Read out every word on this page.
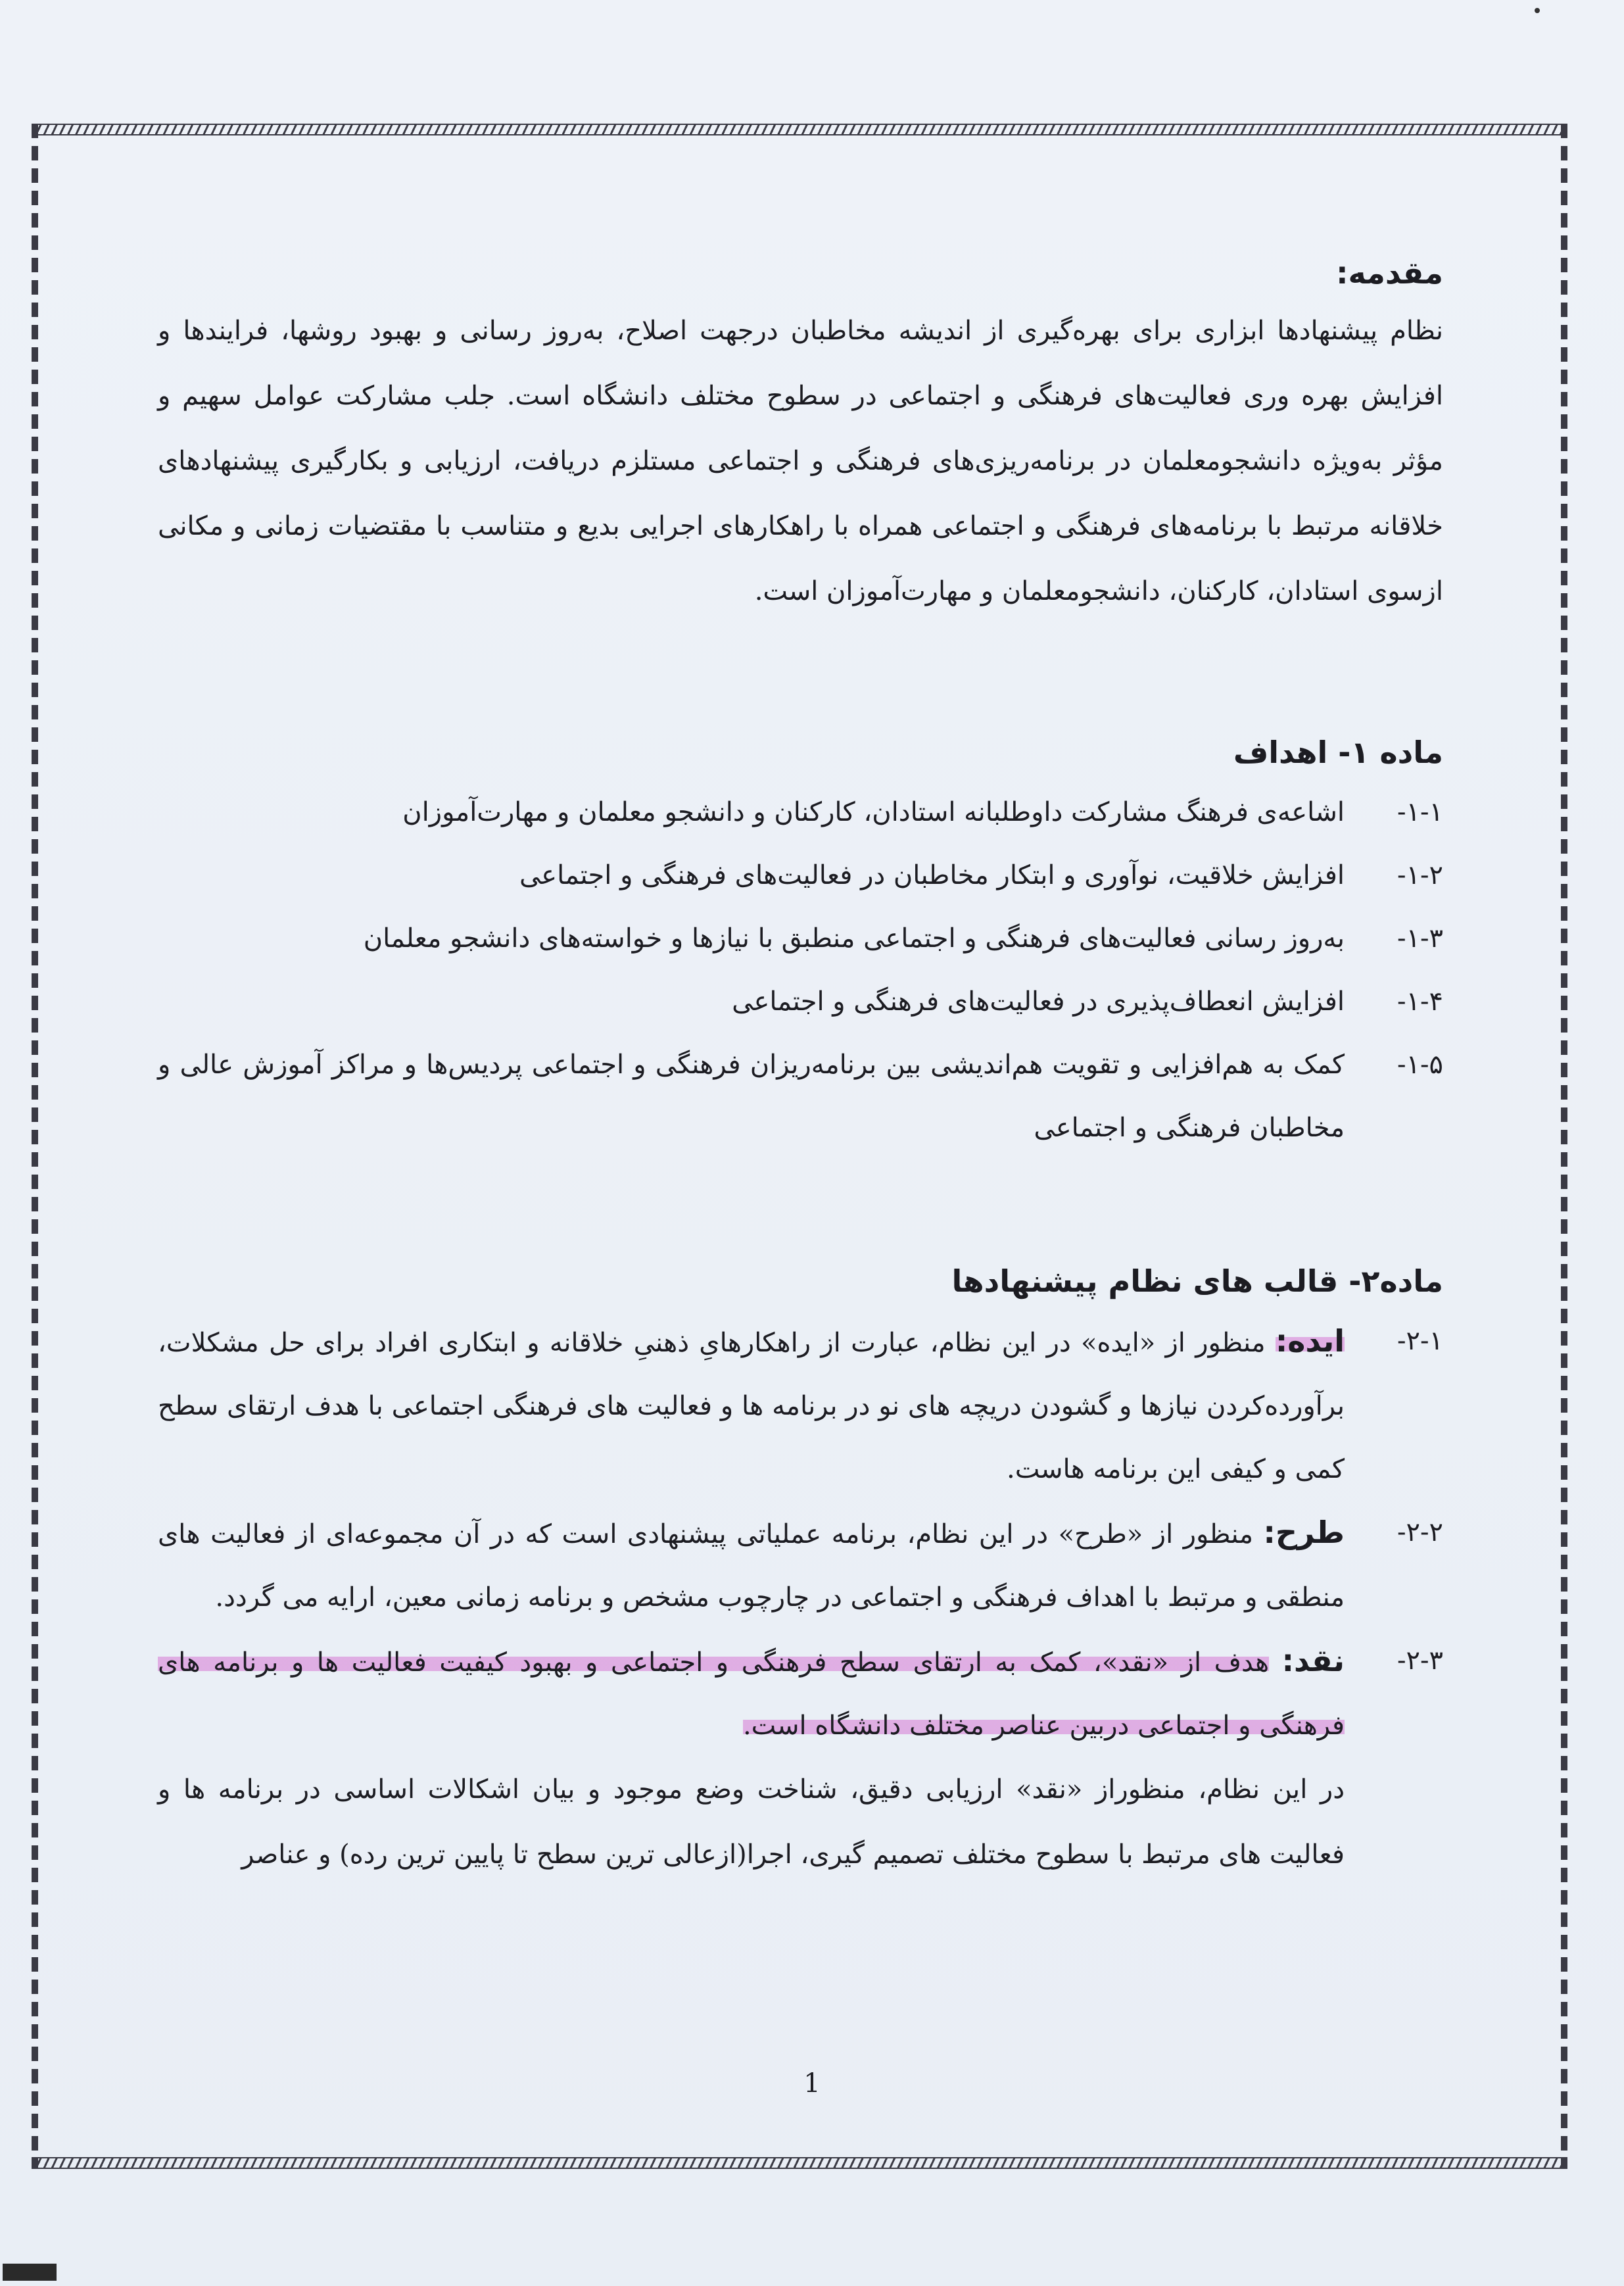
مقدمه:

نظام پیشنهادها ابزاری برای بهره‌گیری از اندیشه مخاطبان درجهت اصلاح، به‌روز رسانی و بهبود روشها، فرایندها و افزایش بهره وری فعالیت‌های فرهنگی و اجتماعی در سطوح مختلف دانشگاه است. جلب مشارکت عوامل سهیم و مؤثر به‌ویژه دانشجومعلمان در برنامه‌ریزی‌های فرهنگی و اجتماعی مستلزم دریافت، ارزیابی و بکارگیری پیشنهادهای خلاقانه مرتبط با برنامه‌های فرهنگی و اجتماعی همراه با راهکارهای اجرایی بدیع و متناسب با مقتضیات زمانی و مکانی ازسوی استادان، کارکنان، دانشجومعلمان و مهارت‌آموزان است.

ماده ۱- اهداف
۱-۱-
اشاعه‌ی فرهنگ مشارکت داوطلبانه استادان، کارکنان و دانشجو معلمان و مهارت‌آموزان
۱-۲-
افزایش خلاقیت، نوآوری و ابتکار مخاطبان در فعالیت‌های فرهنگی و اجتماعی
۱-۳-
به‌روز رسانی فعالیت‌های فرهنگی و اجتماعی منطبق با نیازها و خواسته‌های دانشجو معلمان
۱-۴-
افزایش انعطاف‌پذیری در فعالیت‌های فرهنگی و اجتماعی
۱-۵-
کمک به هم‌افزایی و تقویت هم‌اندیشی بین برنامه‌ریزان فرهنگی و اجتماعی پردیس‌ها و مراکز آموزش عالی و مخاطبان فرهنگی و اجتماعی
ماده۲- قالب های نظام پیشنهادها
۲-۱-
ایده: منظور از «ایده» در این نظام، عبارت از راهکارهایِ ذهنیِ خلاقانه و ابتکاری افراد برای حل مشکلات، برآورده‌کردن نیازها و گشودن دریچه های نو در برنامه ها و فعالیت های فرهنگی اجتماعی با هدف ارتقای سطح کمی و کیفی این برنامه هاست.
۲-۲-
طرح: منظور از «طرح» در این نظام، برنامه عملیاتی پیشنهادی است که در آن مجموعه‌ای از فعالیت های منطقی و مرتبط با اهداف فرهنگی و اجتماعی در چارچوب مشخص و برنامه زمانی معین، ارایه می گردد.
۲-۳-
نقد: هدف از «نقد»، کمک به ارتقای سطح فرهنگی و اجتماعی و بهبود کیفیت فعالیت ها و برنامه های فرهنگی و اجتماعی دربین عناصر مختلف دانشگاه است.

در این نظام، منظوراز «نقد» ارزیابی دقیق، شناخت وضع موجود و بیان اشکالات اساسی در برنامه ها و فعالیت های مرتبط با سطوح مختلف تصمیم گیری، اجرا(ازعالی ترین سطح تا پایین ترین رده) و عناصر

1
